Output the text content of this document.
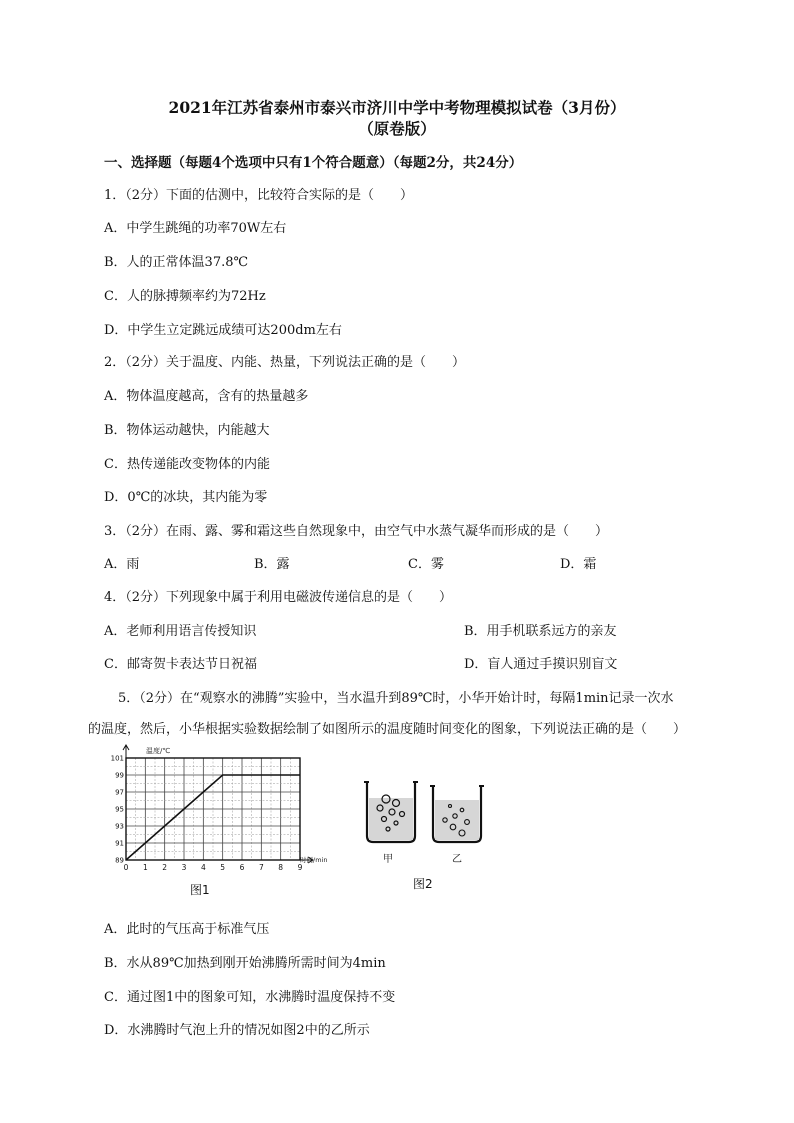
2021年江苏省泰州市泰兴市济川中学中考物理模拟试卷（3月份）
（原卷版）
一、选择题（每题4个选项中只有1个符合题意）（每题2分，共24分）
1．（2分）下面的估测中，比较符合实际的是（　　）
A．中学生跳绳的功率70W左右
B．人的正常体温37.8℃
C．人的脉搏频率约为72Hz
D．中学生立定跳远成绩可达200dm左右
2．（2分）关于温度、内能、热量，下列说法正确的是（　　）
A．物体温度越高，含有的热量越多
B．物体运动越快，内能越大
C．热传递能改变物体的内能
D．0℃的冰块，其内能为零
3．（2分）在雨、露、雾和霜这些自然现象中，由空气中水蒸气凝华而形成的是（　　）
A．雨	B．露	C．雾	D．霜
4．（2分）下列现象中属于利用电磁波传递信息的是（　　）
A．老师利用语言传授知识	B．用手机联系远方的亲友
C．邮寄贺卡表达节日祝福	D．盲人通过手摸识别盲文
5．（2分）在“观察水的沸腾”实验中，当水温升到89℃时，小华开始计时，每隔1min记录一次水
的温度，然后，小华根据实验数据绘制了如图所示的温度随时间变化的图象，下列说法正确的是（　　）
101
99
97
95
93
91
89
0 1 2 3 4 5 6 7 8 9
温度/℃
时间/min
图1
甲	乙
图2
A．此时的气压高于标准气压
B．水从89℃加热到刚开始沸腾所需时间为4min
C．通过图1中的图象可知，水沸腾时温度保持不变
D．水沸腾时气泡上升的情况如图2中的乙所示
